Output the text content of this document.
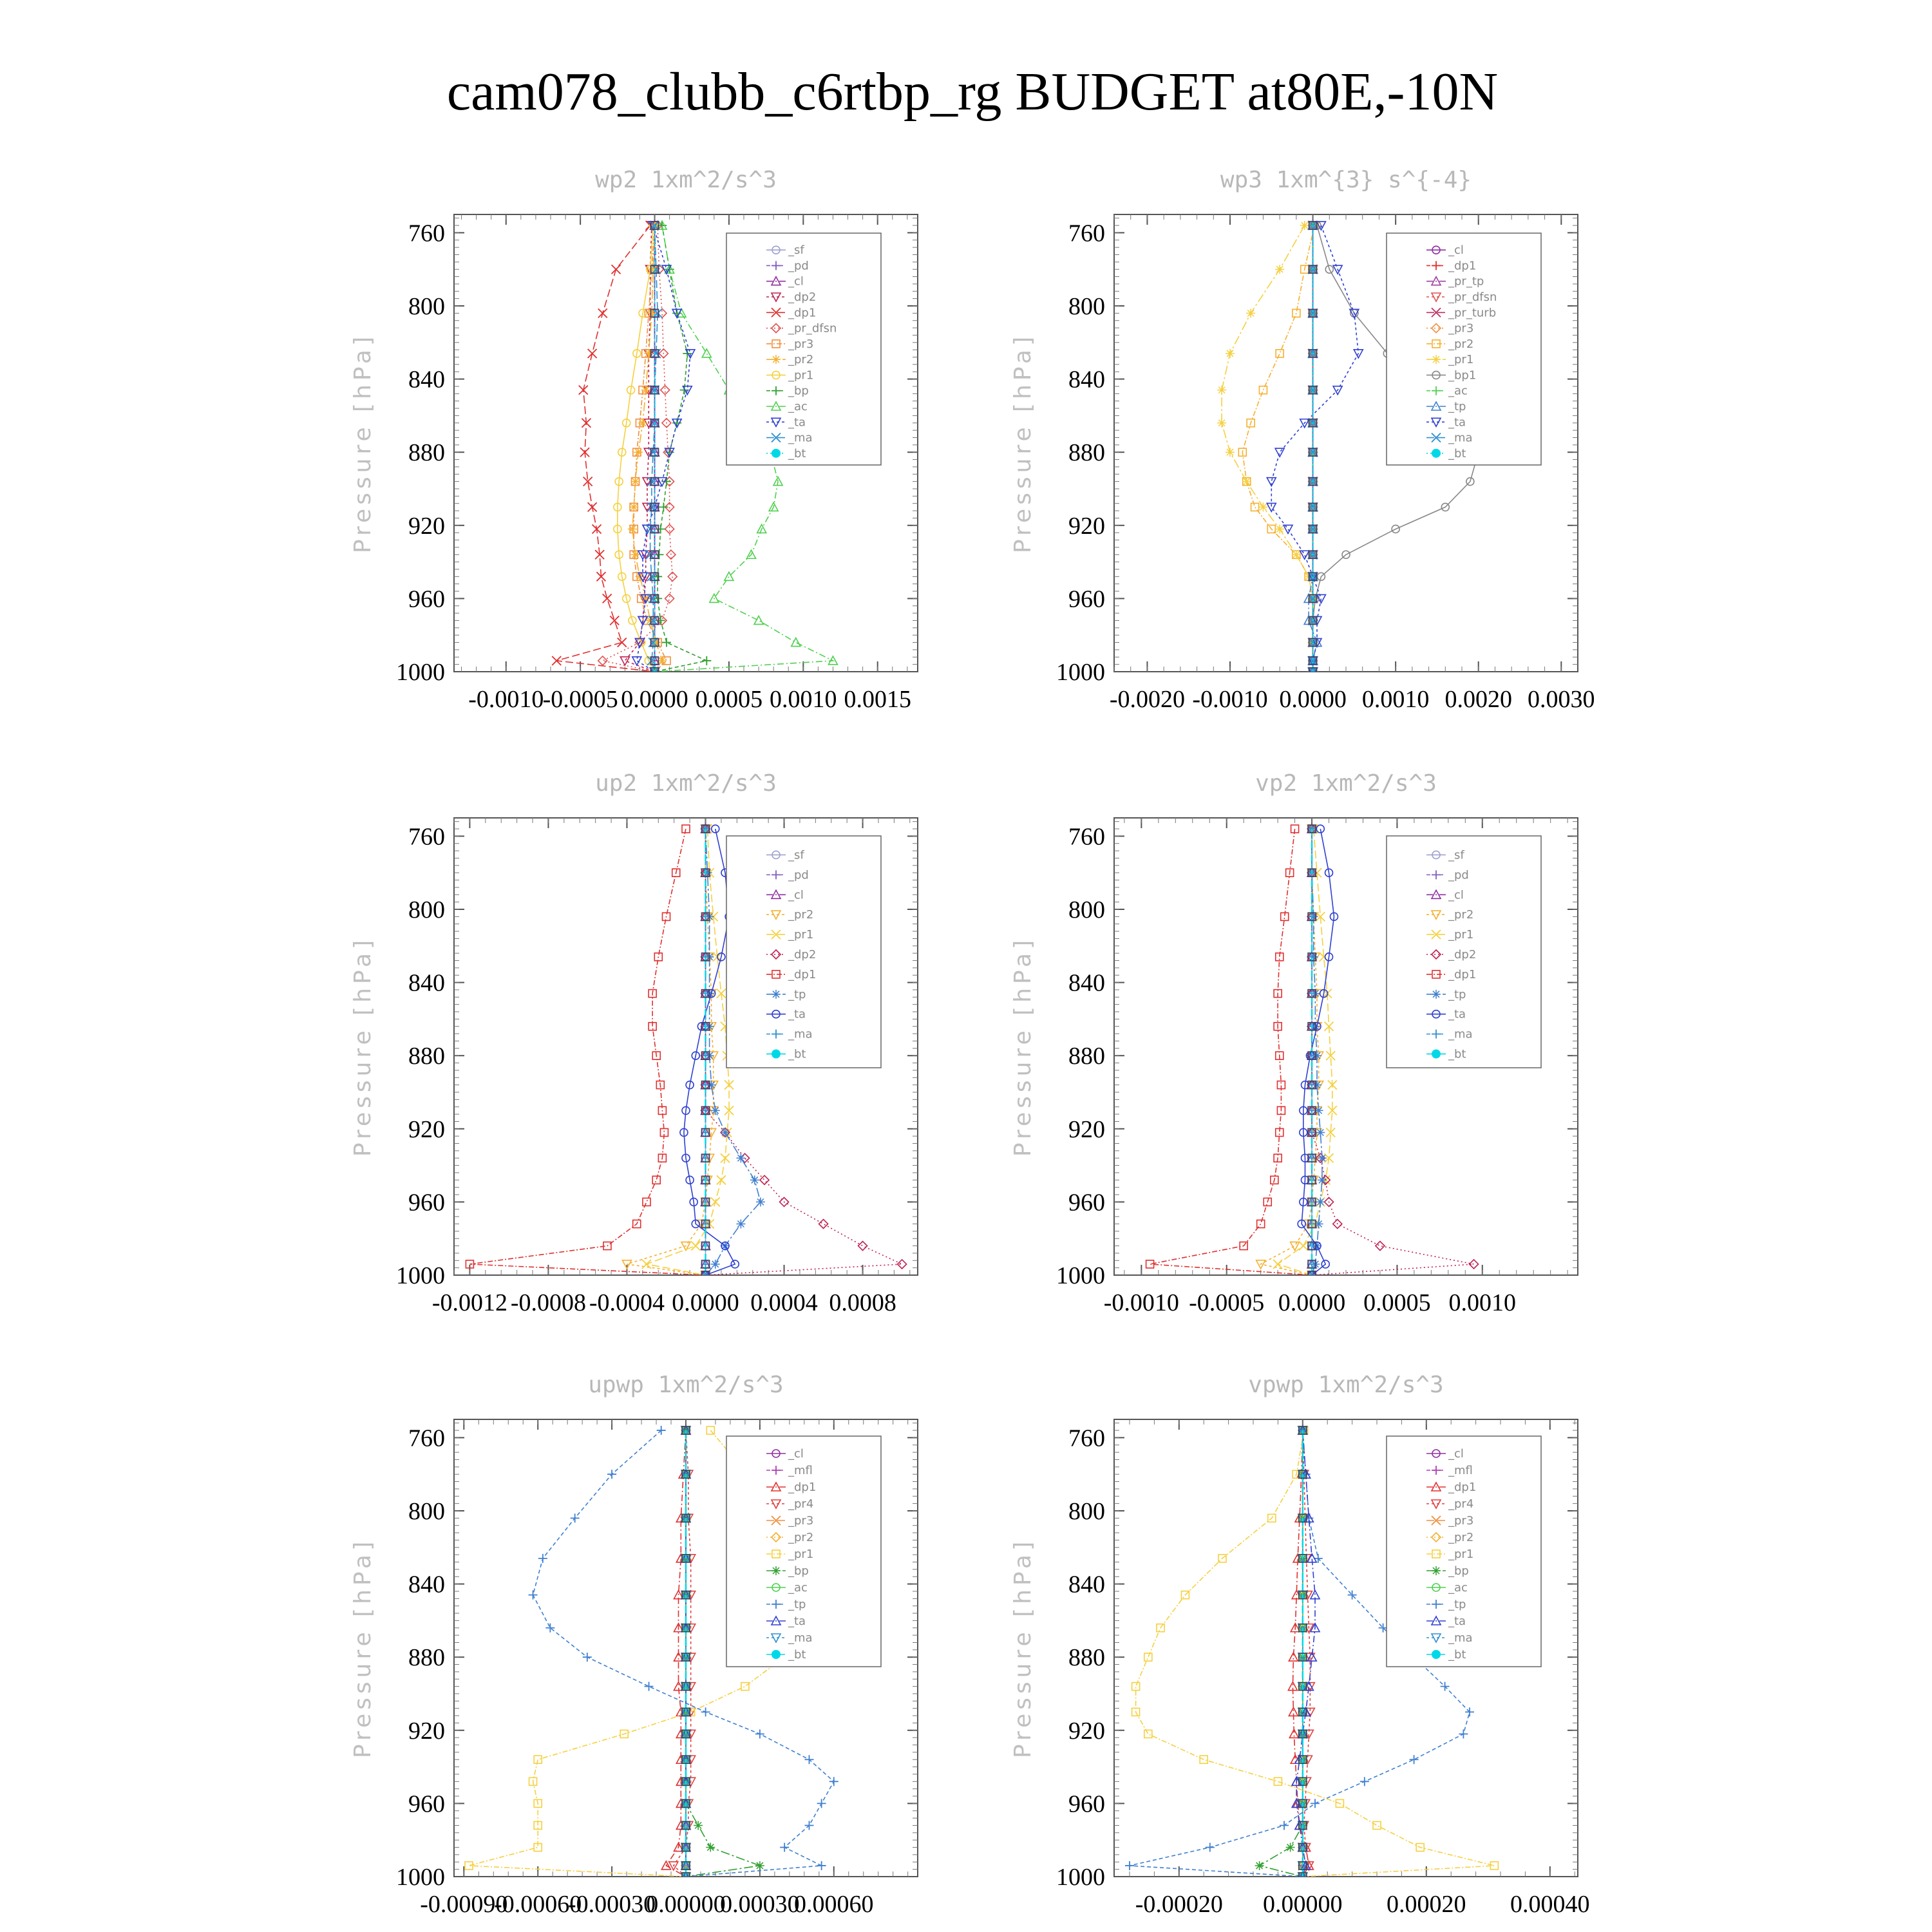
cam078_clubb_c6rtbp_rg BUDGET at80E,-10N
wp2 1xm^2/s^3
Pressure [hPa]
760
800
840
880
920
960
1000
-0.0010
-0.0005 0.0000 0.0005 0.0010 0.0015
_sf
_pd
_cl
_dp2
_dp1
_pr_dfsn
_pr3
_pr2
_pr1
_bp
_ac
_ta
_ma
_bt
wp3 1xm^{3} s^{-4}
Pressure [hPa]
760
800
840
880
920
960
1000
-0.0020 -0.0010 0.0000 0.0010 0.0020 0.0030
_cl
_dp1
_pr_tp
_pr_dfsn
_pr_turb
_pr3
_pr2
_pr1
_bp1
_ac
_tp
_ta
_ma
_bt
up2 1xm^2/s^3
Pressure [hPa]
760
800
840
880
920
960
1000
-0.0012 -0.0008 -0.0004 0.0000 0.0004 0.0008
_sf
_pd
_cl
_pr2
_pr1
_dp2
_dp1
_tp
_ta
_ma
_bt
vp2 1xm^2/s^3
Pressure [hPa]
760
800
840
880
920
960
1000
-0.0010 -0.0005 0.0000 0.0005 0.0010
_sf
_pd
_cl
_pr2
_pr1
_dp2
_dp1
_tp
_ta
_ma
_bt
upwp 1xm^2/s^3
Pressure [hPa]
760
800
840
880
920
960
1000
-0.00090
-0.00060
-0.00030
0.00000
0.00030
0.00060
_cl
_mfl
_dp1
_pr4
_pr3
_pr2
_pr1
_bp
_ac
_tp
_ta
_ma
_bt
vpwp 1xm^2/s^3
Pressure [hPa]
760
800
840
880
920
960
1000
-0.00020 0.00000 0.00020 0.00040
_cl
_mfl
_dp1
_pr4
_pr3
_pr2
_pr1
_bp
_ac
_tp
_ta
_ma
_bt
